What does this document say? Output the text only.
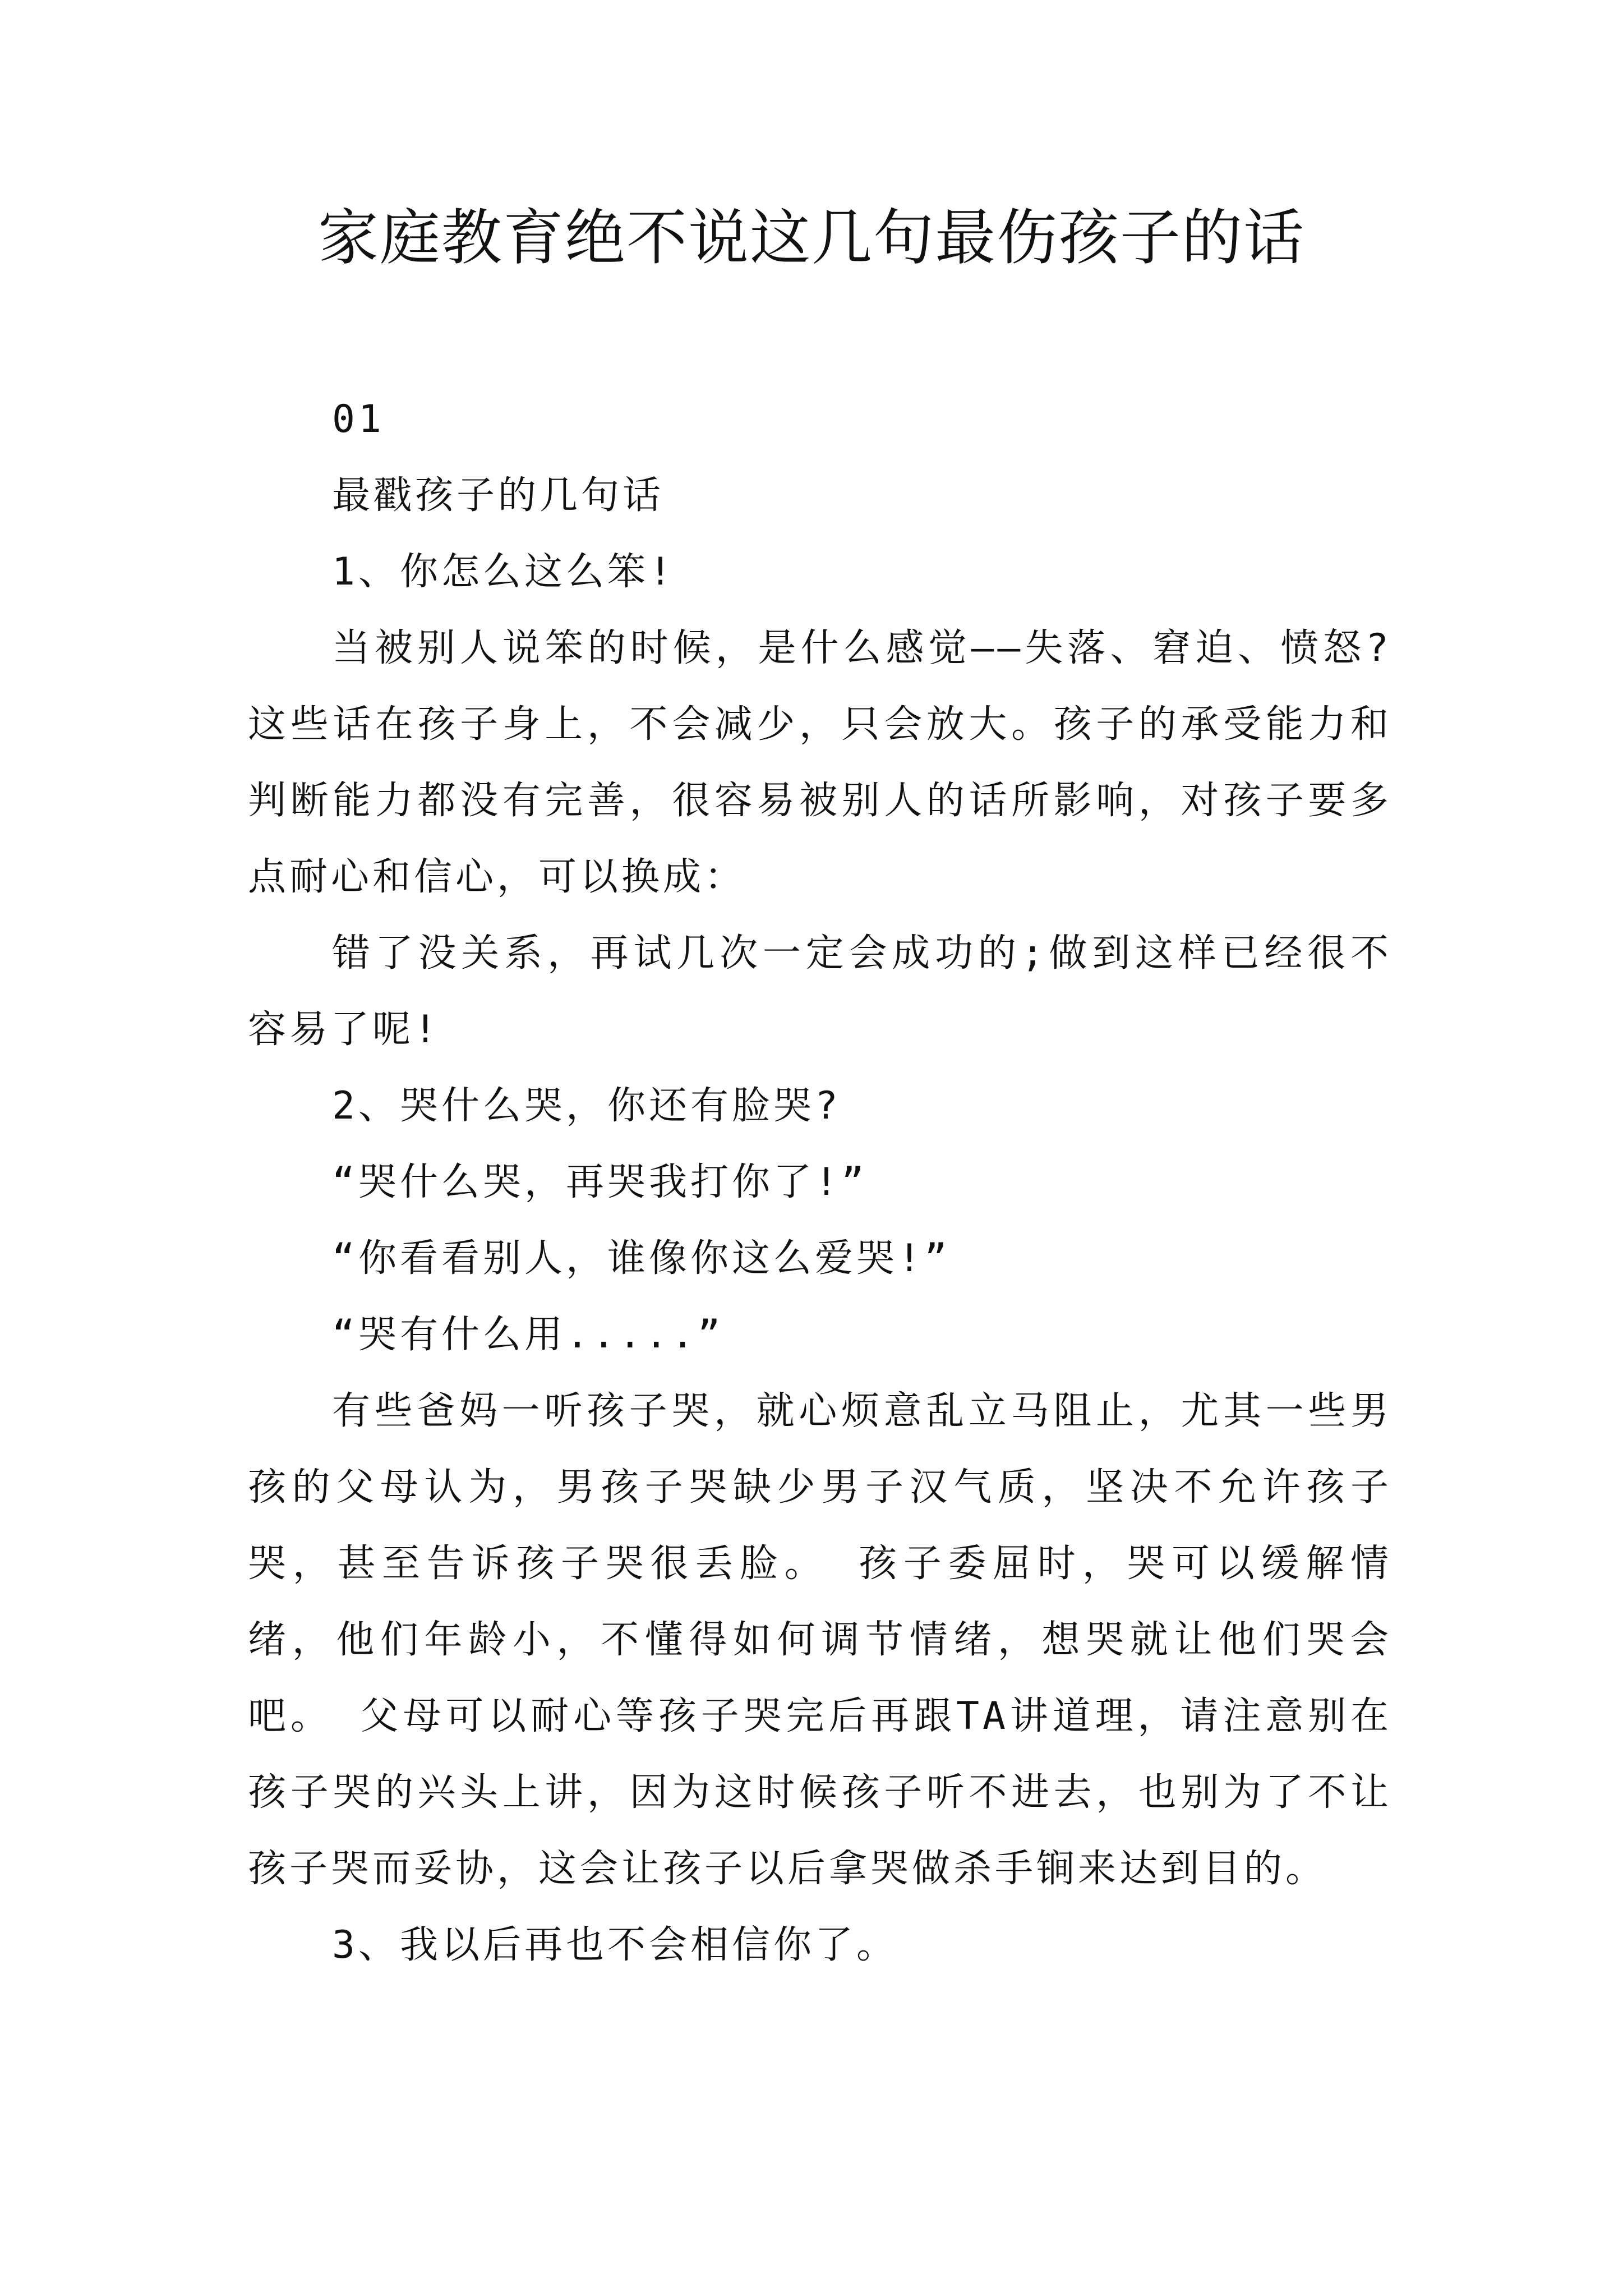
家庭教育绝不说这几句最伤孩子的话

01

最戳孩子的几句话

1、你怎么这么笨!

当被别人说笨的时候，是什么感觉——失落、窘迫、愤怒?这些话在孩子身上，不会减少，只会放大。孩子的承受能力和判断能力都没有完善，很容易被别人的话所影响，对孩子要多点耐心和信心，可以换成：

错了没关系，再试几次一定会成功的;做到这样已经很不容易了呢!

2、哭什么哭，你还有脸哭?

“哭什么哭，再哭我打你了!”

“你看看别人，谁像你这么爱哭!”

“哭有什么用.....”

有些爸妈一听孩子哭，就心烦意乱立马阻止，尤其一些男孩的父母认为，男孩子哭缺少男子汉气质，坚决不允许孩子哭，甚至告诉孩子哭很丢脸。 孩子委屈时，哭可以缓解情绪，他们年龄小，不懂得如何调节情绪，想哭就让他们哭会吧。 父母可以耐心等孩子哭完后再跟TA讲道理，请注意别在孩子哭的兴头上讲，因为这时候孩子听不进去，也别为了不让孩子哭而妥协，这会让孩子以后拿哭做杀手锏来达到目的。

3、我以后再也不会相信你了。
